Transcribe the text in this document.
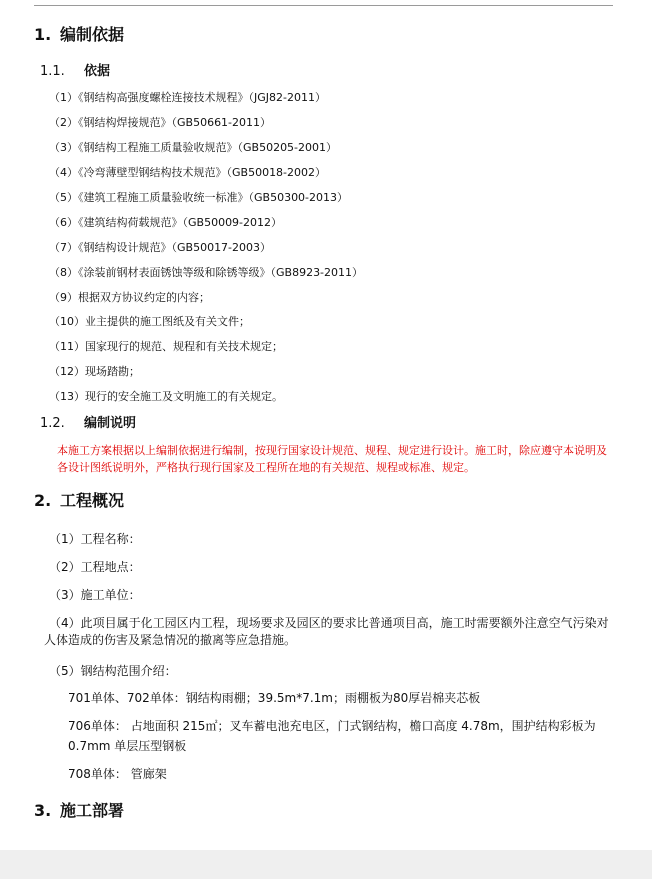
1. 编制依据
1.1. 依据
（1）《钢结构高强度螺栓连接技术规程》（JGJ82-2011）
（2）《钢结构焊接规范》（GB50661-2011）
（3）《钢结构工程施工质量验收规范》（GB50205-2001）
（4）《冷弯薄壁型钢结构技术规范》（GB50018-2002）
（5）《建筑工程施工质量验收统一标准》（GB50300-2013）
（6）《建筑结构荷载规范》（GB50009-2012）
（7）《钢结构设计规范》（GB50017-2003）
（8）《涂装前钢材表面锈蚀等级和除锈等级》（GB8923-2011）
（9）根据双方协议约定的内容；
（10）业主提供的施工图纸及有关文件；
（11）国家现行的规范、规程和有关技术规定；
（12）现场踏勘；
（13）现行的安全施工及文明施工的有关规定。
1.2. 编制说明
本施工方案根据以上编制依据进行编制，按现行国家设计规范、规程、规定进行设计。施工时，除应遵守本说明及各设计图纸说明外，严格执行现行国家及工程所在地的有关规范、规程或标准、规定。
2. 工程概况
（1）工程名称：
（2）工程地点：
（3）施工单位：
（4）此项目属于化工园区内工程，现场要求及园区的要求比普通项目高，施工时需要额外注意空气污染对人体造成的伤害及紧急情况的撤离等应急措施。
（5）钢结构范围介绍：
701单体、702单体：钢结构雨棚；39.5m*7.1m；雨棚板为80厚岩棉夹芯板
706单体： 占地面积 215㎡；叉车蓄电池充电区，门式钢结构，檐口高度 4.78m，围护结构彩板为 0.7mm 单层压型钢板
708单体： 管廊架
3. 施工部署
